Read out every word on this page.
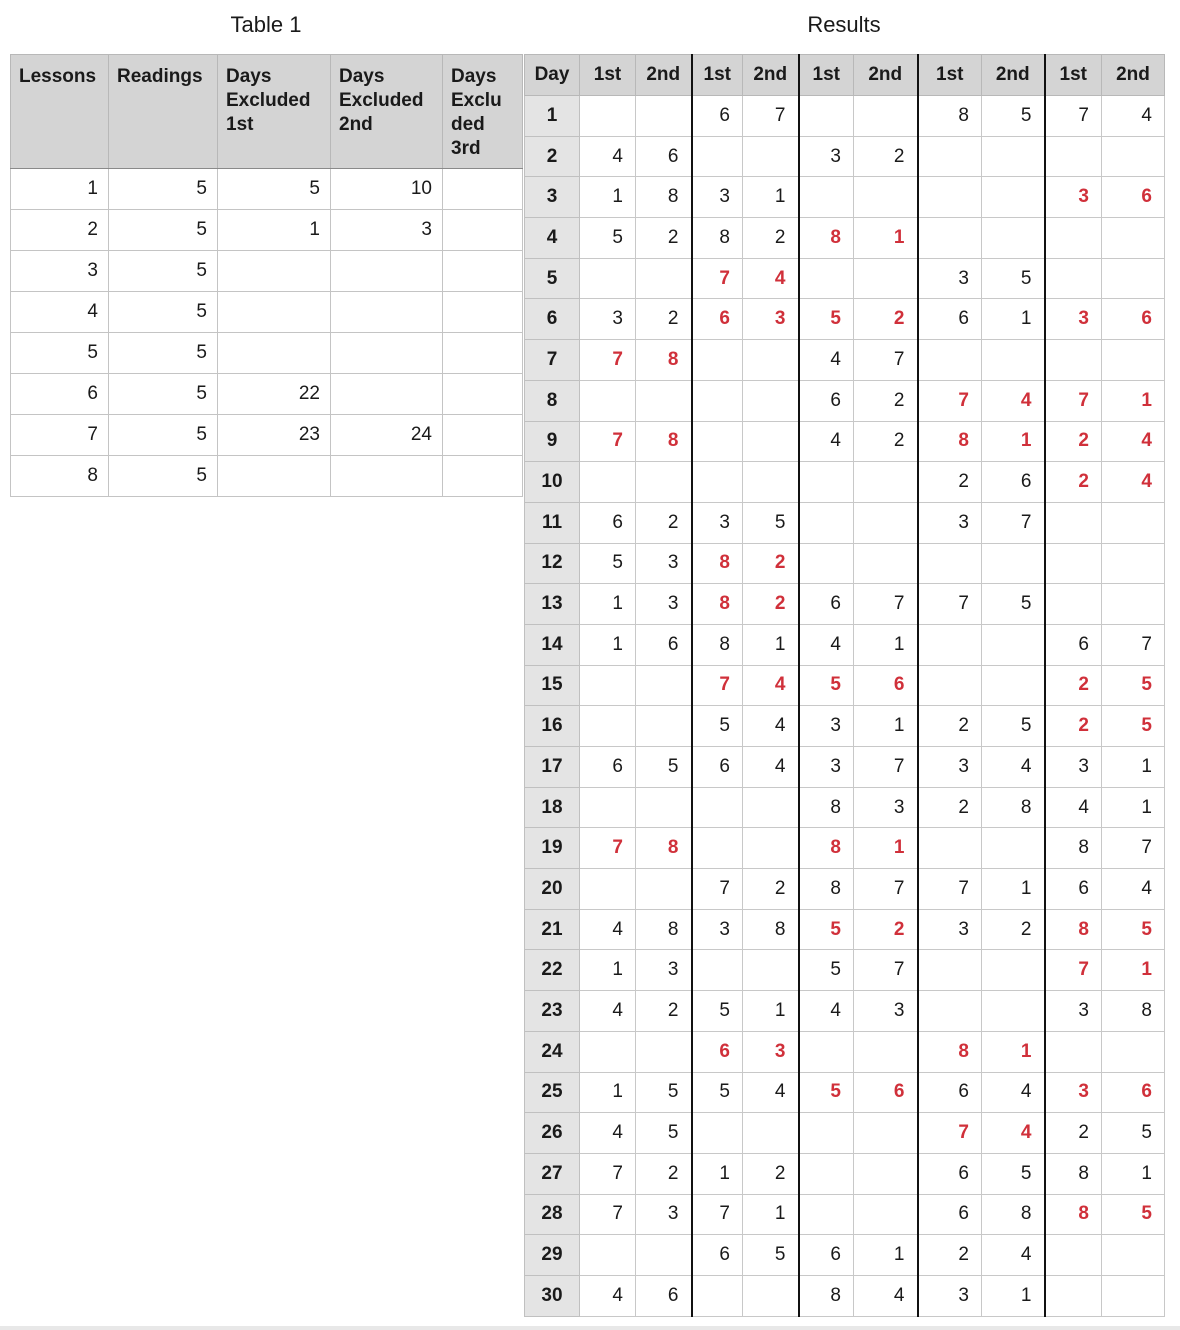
Table 1	Results
Lessons	Readings	Days Excluded 1st	Days Excluded 2nd	Days Exclu ded 3rd
1	5	5	10	
2	5	1	3	
3	5			
4	5			
5	5			
6	5	22		
7	5	23	24	
8	5			
Day	1st	2nd	1st	2nd	1st	2nd	1st	2nd	1st	2nd
1			6	7			8	5	7	4
2	4	6			3	2				
3	1	8	3	1					3	6
4	5	2	8	2	8	1				
5			7	4			3	5		
6	3	2	6	3	5	2	6	1	3	6
7	7	8			4	7				
8					6	2	7	4	7	1
9	7	8			4	2	8	1	2	4
10							2	6	2	4
11	6	2	3	5			3	7		
12	5	3	8	2						
13	1	3	8	2	6	7	7	5		
14	1	6	8	1	4	1			6	7
15			7	4	5	6			2	5
16			5	4	3	1	2	5	2	5
17	6	5	6	4	3	7	3	4	3	1
18					8	3	2	8	4	1
19	7	8			8	1			8	7
20			7	2	8	7	7	1	6	4
21	4	8	3	8	5	2	3	2	8	5
22	1	3			5	7			7	1
23	4	2	5	1	4	3			3	8
24			6	3			8	1		
25	1	5	5	4	5	6	6	4	3	6
26	4	5					7	4	2	5
27	7	2	1	2			6	5	8	1
28	7	3	7	1			6	8	8	5
29			6	5	6	1	2	4		
30	4	6			8	4	3	1		
